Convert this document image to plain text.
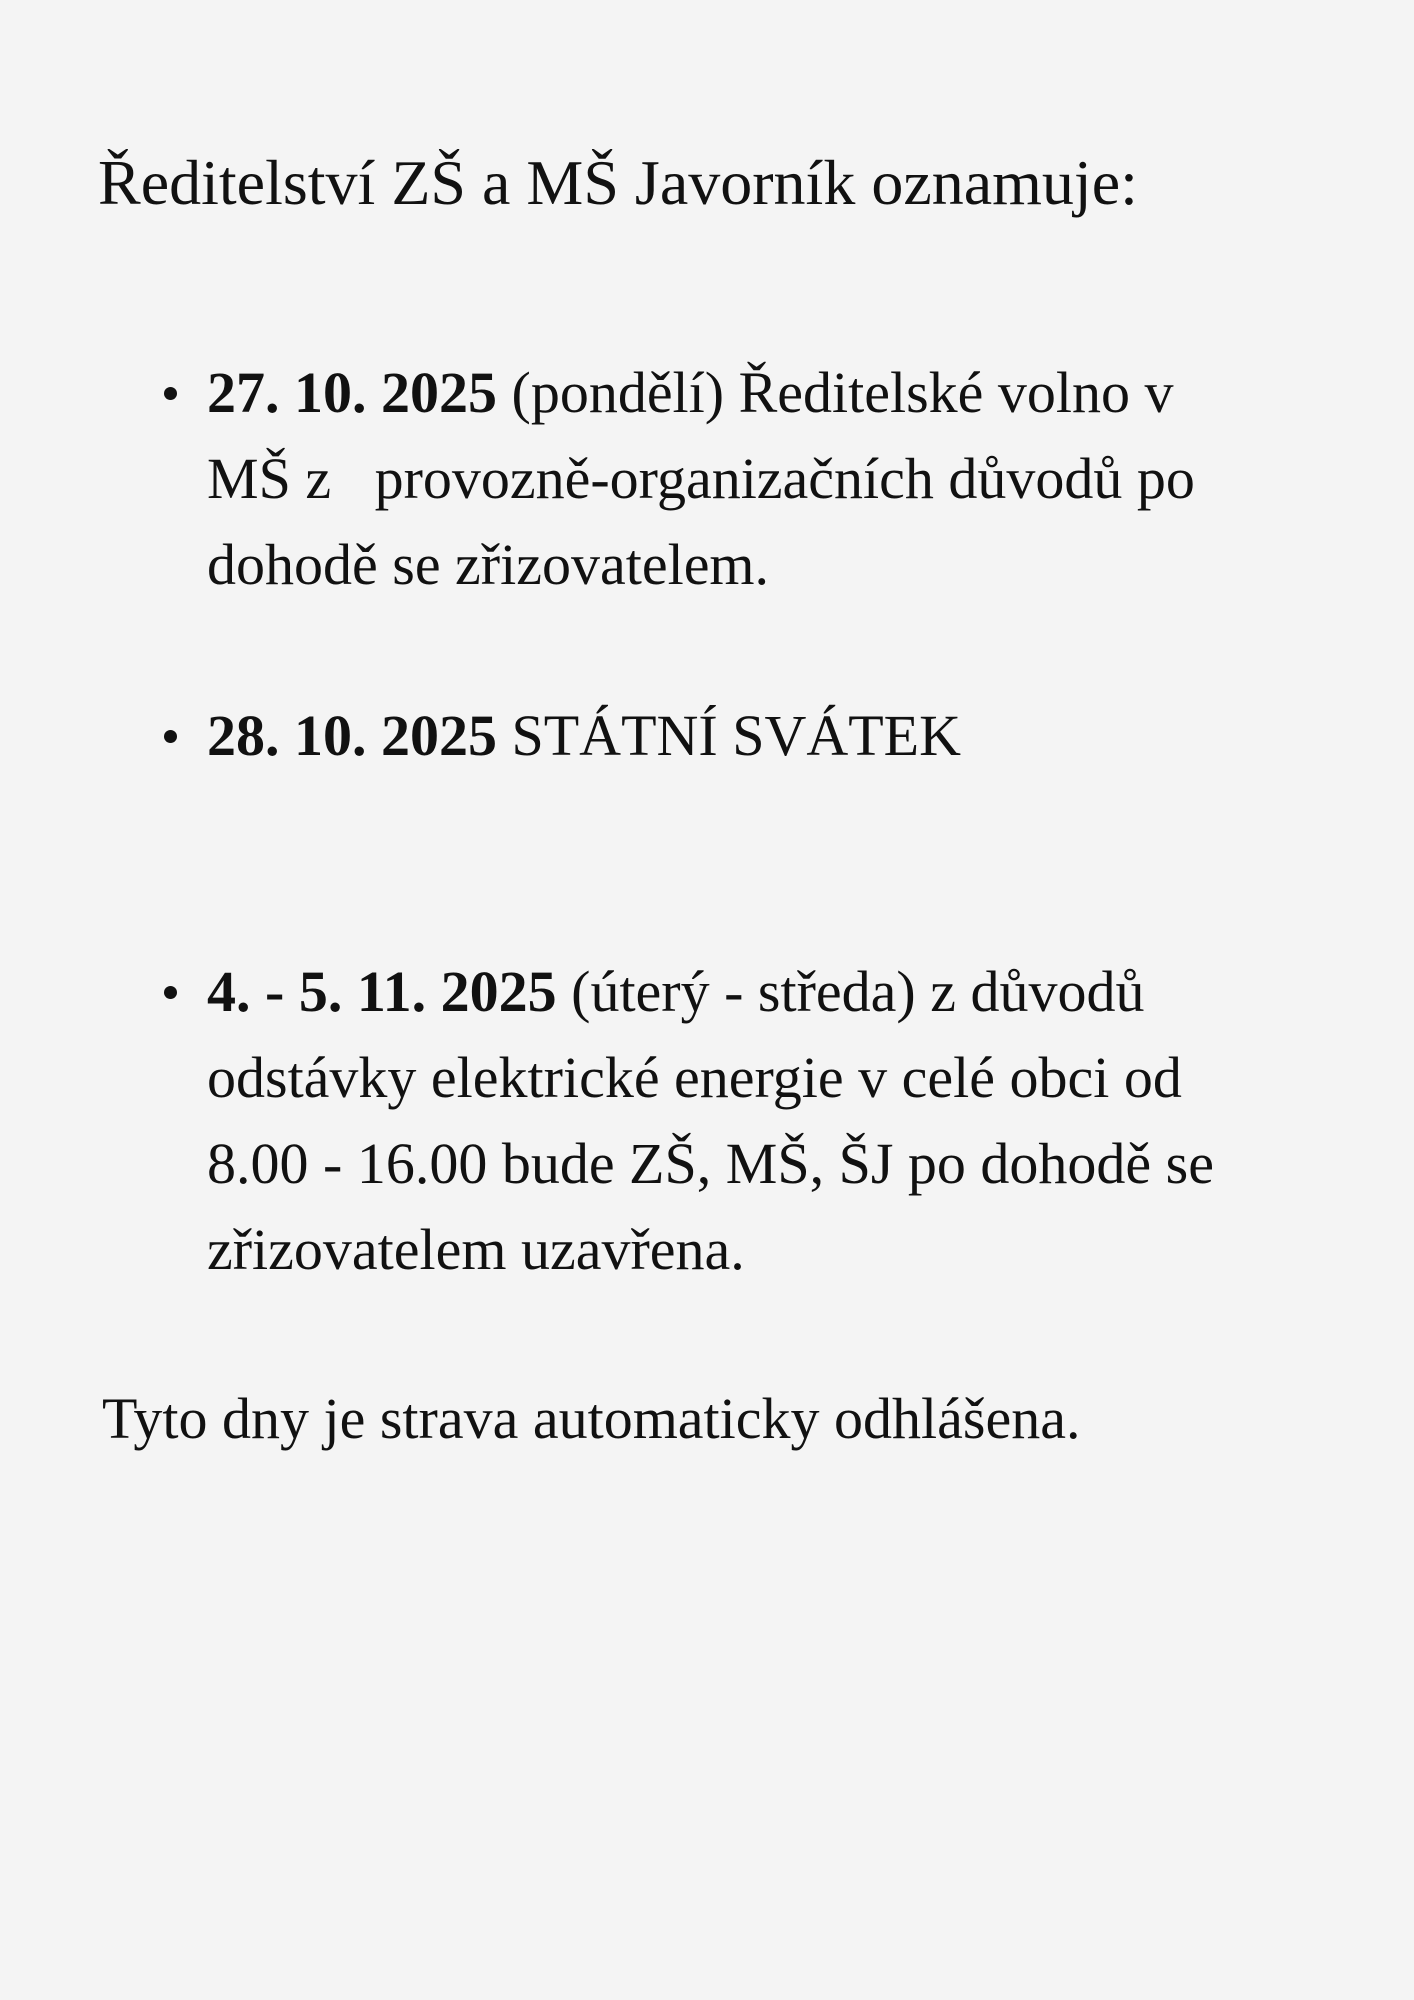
Ředitelství ZŠ a MŠ Javorník oznamuje:
27. 10. 2025 (pondělí) Ředitelské volno v
MŠ z   provozně-organizačních důvodů po
dohodě se zřizovatelem.
28. 10. 2025 STÁTNÍ SVÁTEK
4. - 5. 11. 2025 (úterý - středa) z důvodů
odstávky elektrické energie v celé obci od
8.00 - 16.00 bude ZŠ, MŠ, ŠJ po dohodě se
zřizovatelem uzavřena.

Tyto dny je strava automaticky odhlášena.
